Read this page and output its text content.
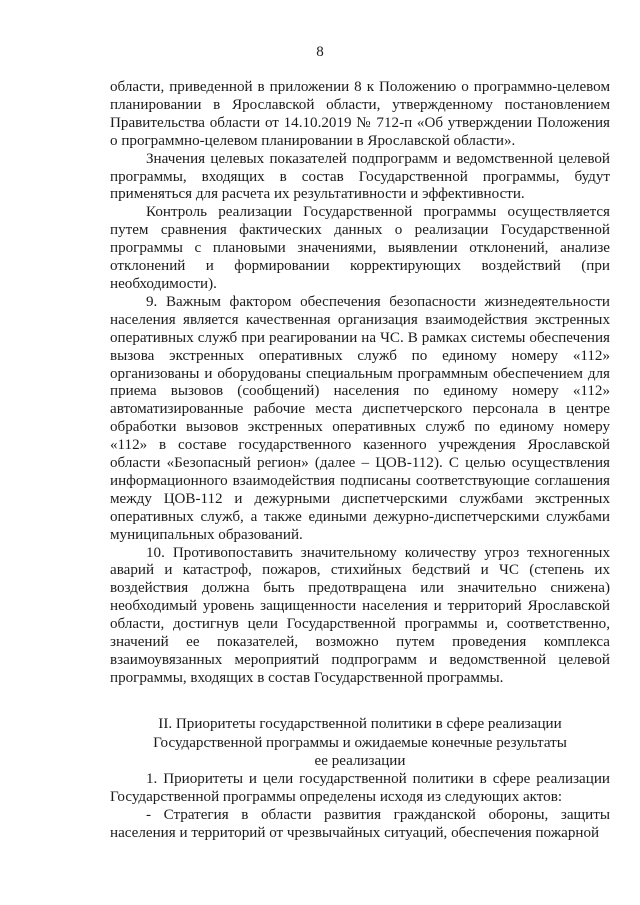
8

области, приведенной в приложении 8 к Положению о программно-целевом планировании в Ярославской области, утвержденному постановлением Правительства области от 14.10.2019 № 712-п «Об утверждении Положения о программно-целевом планировании в Ярославской области».

Значения целевых показателей подпрограмм и ведомственной целевой программы, входящих в состав Государственной программы, будут применяться для расчета их результативности и эффективности.

Контроль реализации Государственной программы осуществляется путем сравнения фактических данных о реализации Государственной программы с плановыми значениями, выявлении отклонений, анализе отклонений и формировании корректирующих воздействий (при необходимости).

9. Важным фактором обеспечения безопасности жизнедеятельности населения является качественная организация взаимодействия экстренных оперативных служб при реагировании на ЧС. В рамках системы обеспечения вызова экстренных оперативных служб по единому номеру «112» организованы и оборудованы специальным программным обеспечением для приема вызовов (сообщений) населения по единому номеру «112» автоматизированные рабочие места диспетчерского персонала в центре обработки вызовов экстренных оперативных служб по единому номеру «112» в составе государственного казенного учреждения Ярославской области «Безопасный регион» (далее – ЦОВ-112). С целью осуществления информационного взаимодействия подписаны соответствующие соглашения между ЦОВ-112 и дежурными диспетчерскими службами экстренных оперативных служб, а также едиными дежурно-диспетчерскими службами муниципальных образований.

10. Противопоставить значительному количеству угроз техногенных аварий и катастроф, пожаров, стихийных бедствий и ЧС (степень их воздействия должна быть предотвращена или значительно снижена) необходимый уровень защищенности населения и территорий Ярославской области, достигнув цели Государственной программы и, соответственно, значений ее показателей, возможно путем проведения комплекса взаимоувязанных мероприятий подпрограмм и ведомственной целевой программы, входящих в состав Государственной программы.

II. Приоритеты государственной политики в сфере реализации
Государственной программы и ожидаемые конечные результаты
ее реализации

1. Приоритеты и цели государственной политики в сфере реализации Государственной программы определены исходя из следующих актов:

- Стратегия в области развития гражданской обороны, защиты населения и территорий от чрезвычайных ситуаций, обеспечения пожарной
